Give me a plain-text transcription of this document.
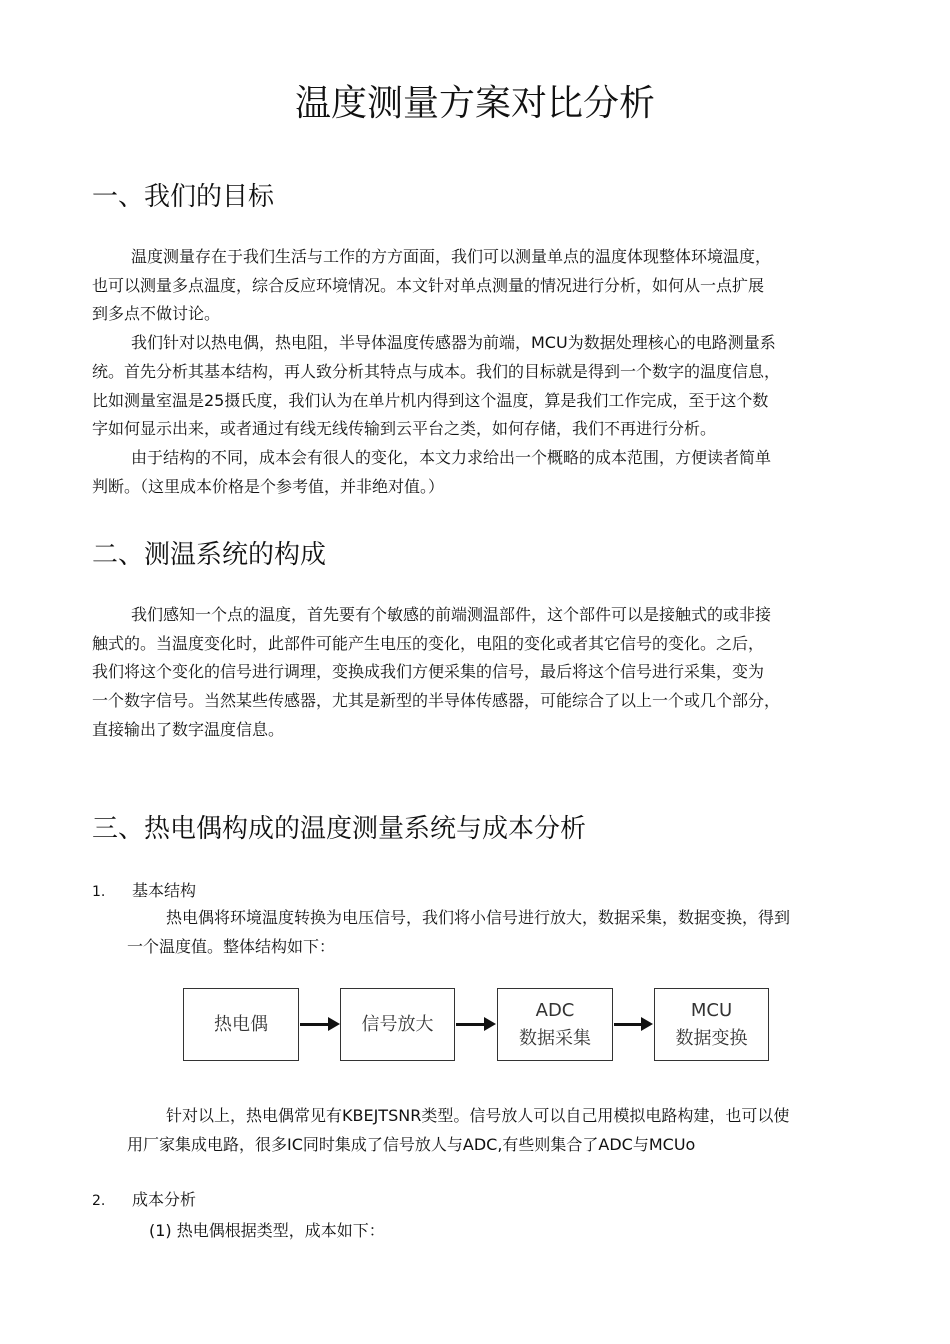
温度测量方案对比分析
一、我们的目标
温度测量存在于我们生活与工作的方方面面，我们可以测量单点的温度体现整体环境温度，
也可以测量多点温度，综合反应环境情况。本文针对单点测量的情况进行分析，如何从一点扩展
到多点不做讨论。
我们针对以热电偶，热电阻，半导体温度传感器为前端，MCU为数据处理核心的电路测量系
统。首先分析其基本结构，再人致分析其特点与成本。我们的目标就是得到一个数字的温度信息，
比如测量室温是25摄氏度，我们认为在单片机内得到这个温度，算是我们工作完成，至于这个数
字如何显示出来，或者通过有线无线传输到云平台之类，如何存储，我们不再进行分析。
由于结构的不同，成本会有很人的变化，本文力求给出一个概略的成本范围，方便读者简单
判断。（这里成本价格是个参考值，并非绝对值。）
二、测温系统的构成
我们感知一个点的温度，首先要有个敏感的前端测温部件，这个部件可以是接触式的或非接
触式的。当温度变化时，此部件可能产生电压的变化，电阻的变化或者其它信号的变化。之后，
我们将这个变化的信号进行调理，变换成我们方便采集的信号，最后将这个信号进行采集，变为
一个数字信号。当然某些传感器，尤其是新型的半导体传感器，可能综合了以上一个或几个部分，
直接输出了数字温度信息。
三、热电偶构成的温度测量系统与成本分析
1. 基本结构
热电偶将环境温度转换为电压信号，我们将小信号进行放大，数据采集，数据变换，得到
一个温度值。整体结构如下：
热电偶	信号放大
ADC
数据采集
MCU
数据变换
针对以上，热电偶常见有KBEJTSNR类型。信号放人可以自己用模拟电路构建，也可以使
用厂家集成电路，很多IC同时集成了信号放人与ADC,有些则集合了ADC与MCUo
2. 成本分析
(1) 热电偶根据类型，成本如下：
